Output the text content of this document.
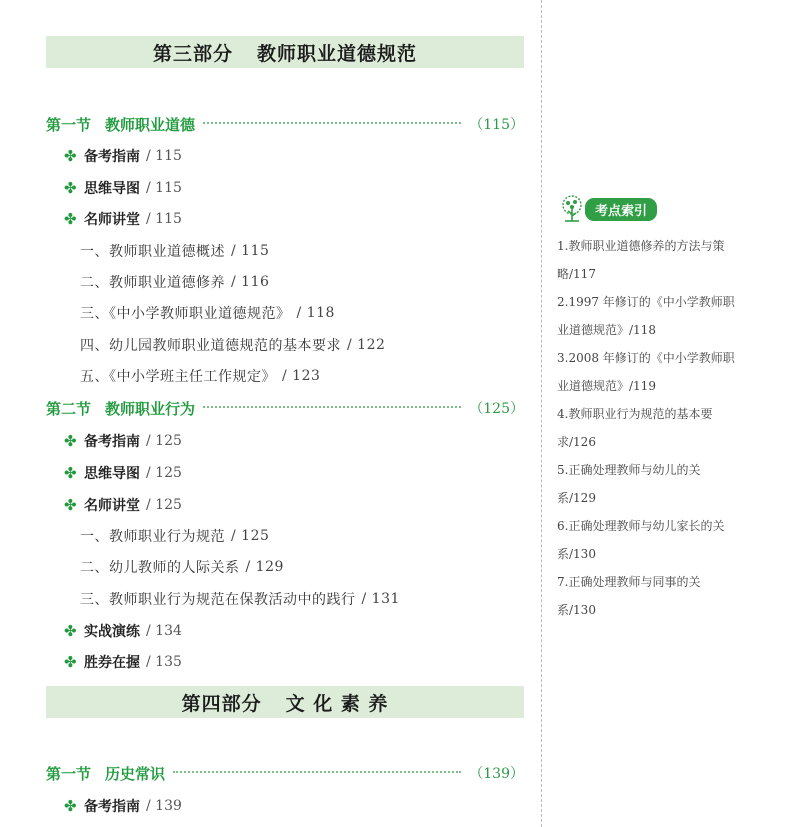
第三部分 教师职业道德规范
第一节 教师职业道德	（115）
✤ 备考指南 / 115
✤ 思维导图 / 115
✤ 名师讲堂 / 115
一、教师职业道德概述 / 115
二、教师职业道德修养 / 116
三、《中小学教师职业道德规范》 / 118
四、幼儿园教师职业道德规范的基本要求 / 122
五、《中小学班主任工作规定》 / 123
第二节 教师职业行为	（125）
✤ 备考指南 / 125
✤ 思维导图 / 125
✤ 名师讲堂 / 125
一、教师职业行为规范 / 125
二、幼儿教师的人际关系 / 129
三、教师职业行为规范在保教活动中的践行 / 131
✤ 实战演练 / 134
✤ 胜券在握 / 135
第四部分 文 化 素 养
第一节 历史常识	（139）
✤ 备考指南 / 139
考点索引
1.教师职业道德修养的方法与策
略/117
2.1997 年修订的《中小学教师职
业道德规范》/118
3.2008 年修订的《中小学教师职
业道德规范》/119
4.教师职业行为规范的基本要
求/126
5.正确处理教师与幼儿的关
系/129
6.正确处理教师与幼儿家长的关
系/130
7.正确处理教师与同事的关
系/130
